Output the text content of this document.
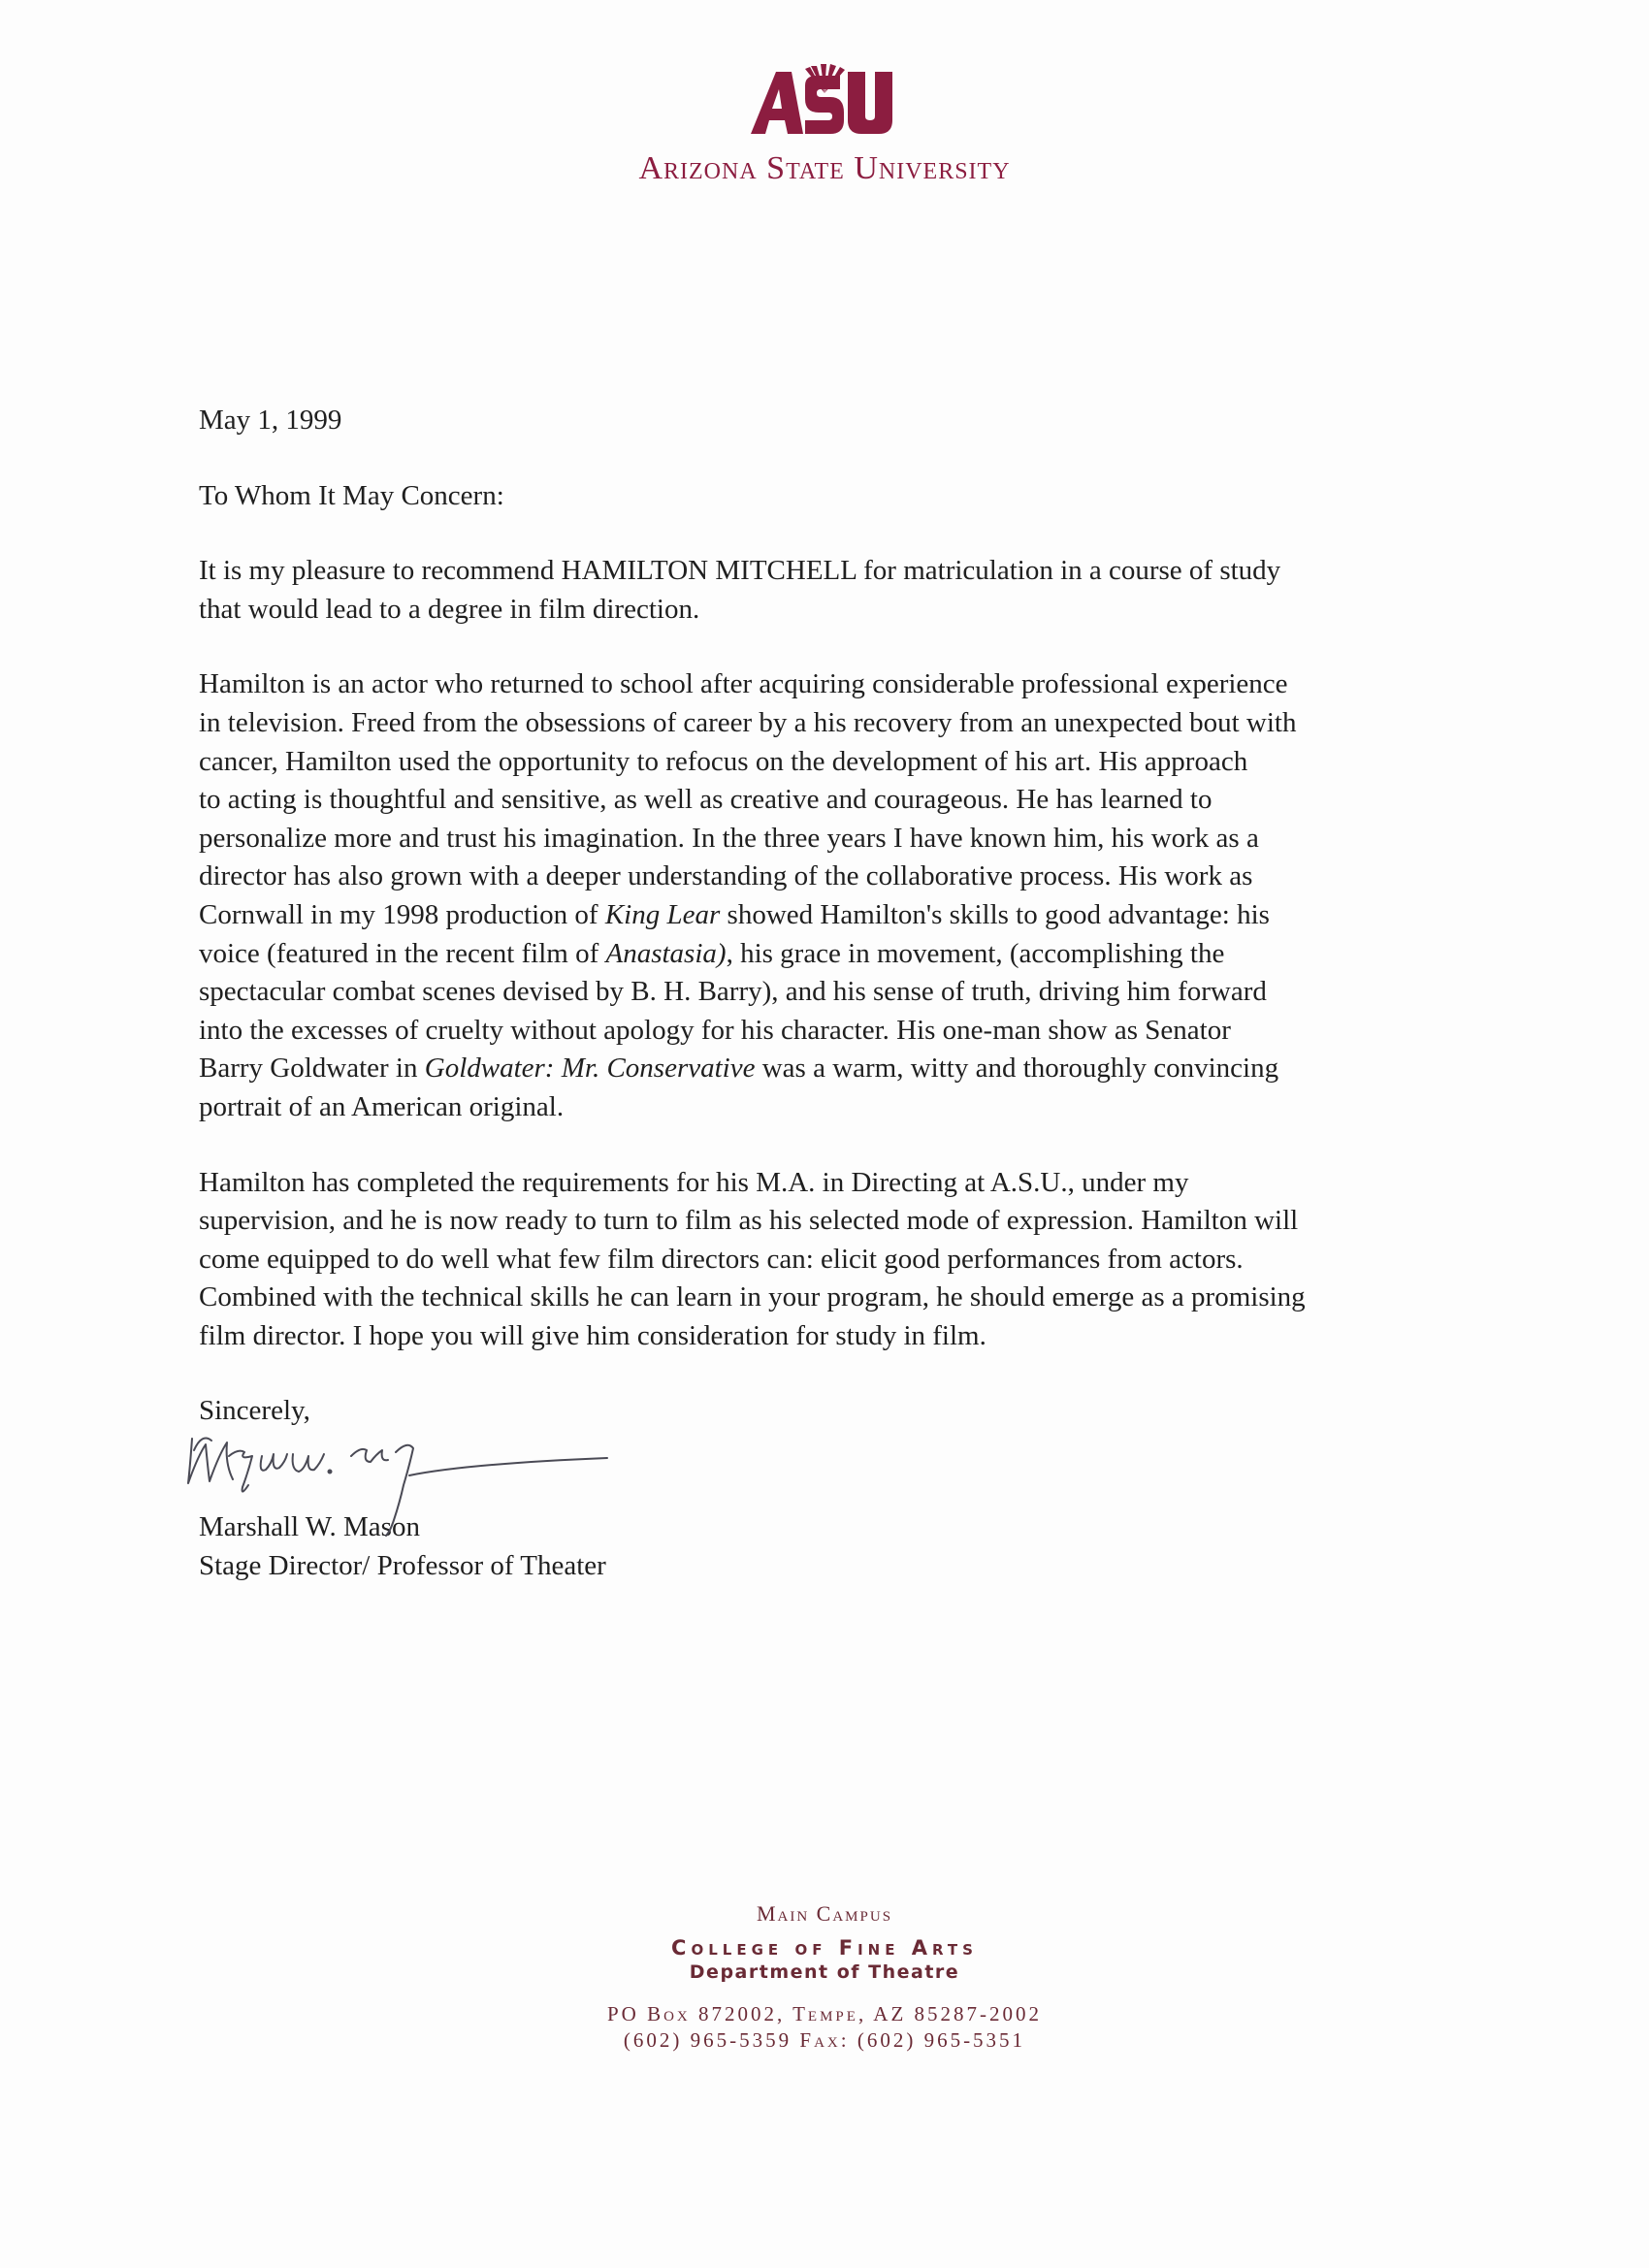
Arizona State University

May 1, 1999

To Whom It May Concern:

It is my pleasure to recommend HAMILTON MITCHELL for matriculation in a course of study
that would lead to a degree in film direction.

Hamilton is an actor who returned to school after acquiring considerable professional experience
in television. Freed from the obsessions of career by a his recovery from an unexpected bout with
cancer, Hamilton used the opportunity to refocus on the development of his art. His approach
to acting is thoughtful and sensitive, as well as creative and courageous. He has learned to
personalize more and trust his imagination. In the three years I have known him, his work as a
director has also grown with a deeper understanding of the collaborative process. His work as
Cornwall in my 1998 production of King Lear showed Hamilton's skills to good advantage: his
voice (featured in the recent film of Anastasia), his grace in movement, (accomplishing the
spectacular combat scenes devised by B. H. Barry), and his sense of truth, driving him forward
into the excesses of cruelty without apology for his character. His one-man show as Senator
Barry Goldwater in Goldwater: Mr. Conservative was a warm, witty and thoroughly convincing
portrait of an American original.

Hamilton has completed the requirements for his M.A. in Directing at A.S.U., under my
supervision, and he is now ready to turn to film as his selected mode of expression. Hamilton will
come equipped to do well what few film directors can: elicit good performances from actors.
Combined with the technical skills he can learn in your program, he should emerge as a promising
film director. I hope you will give him consideration for study in film.

Sincerely,

Marshall W. Mason
Stage Director/ Professor of Theater
Main Campus
College of Fine Arts
Department of Theatre
PO Box 872002, Tempe, AZ 85287-2002
(602) 965-5359 Fax: (602) 965-5351
